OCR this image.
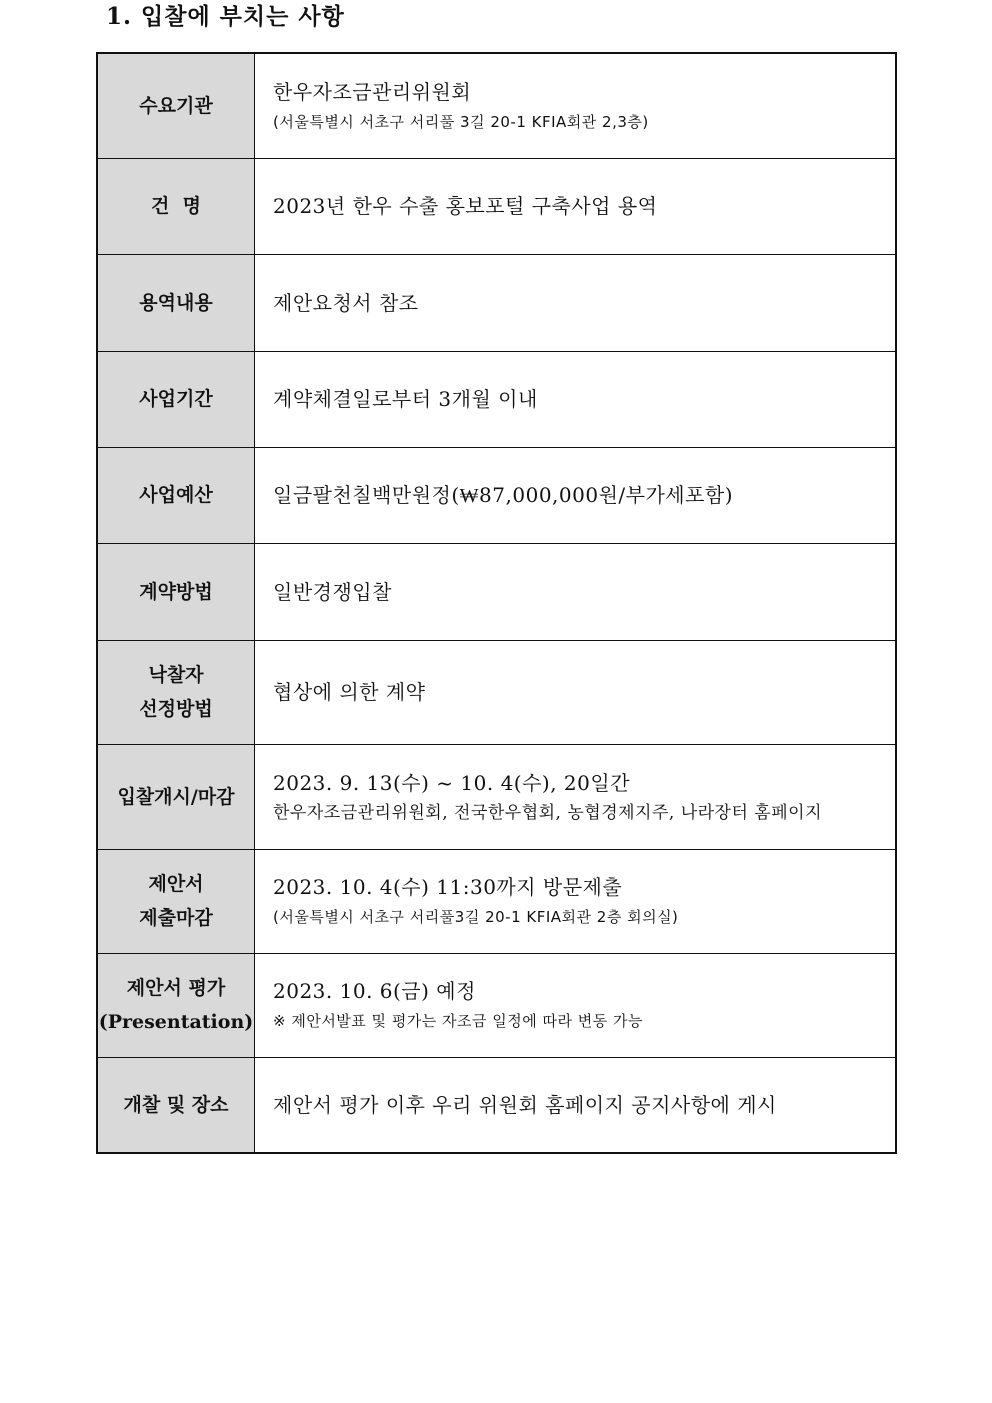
1. 입찰에 부치는 사항
수요기관	한우자조금관리위원회
(서울특별시 서초구 서리풀 3길 20-1 KFIA회관 2,3층)

건  명	2023년 한우 수출 홍보포털 구축사업 용역

용역내용	제안요청서 참조

사업기간	계약체결일로부터 3개월 이내

사업예산	일금팔천칠백만원정(₩87,000,000원/부가세포함)

계약방법	일반경쟁입찰

낙찰자
선정방법	협상에 의한 계약

입찰개시/마감	2023. 9. 13(수) ~ 10. 4(수), 20일간
한우자조금관리위원회, 전국한우협회, 농협경제지주, 나라장터 홈페이지

제안서
제출마감	2023. 10. 4(수) 11:30까지 방문제출
(서울특별시 서초구 서리풀3길 20-1 KFIA회관 2층 회의실)

제안서 평가
(Presentation)	2023. 10. 6(금) 예정
※ 제안서발표 및 평가는 자조금 일정에 따라 변동 가능

개찰 및 장소	제안서 평가 이후 우리 위원회 홈페이지 공지사항에 게시
